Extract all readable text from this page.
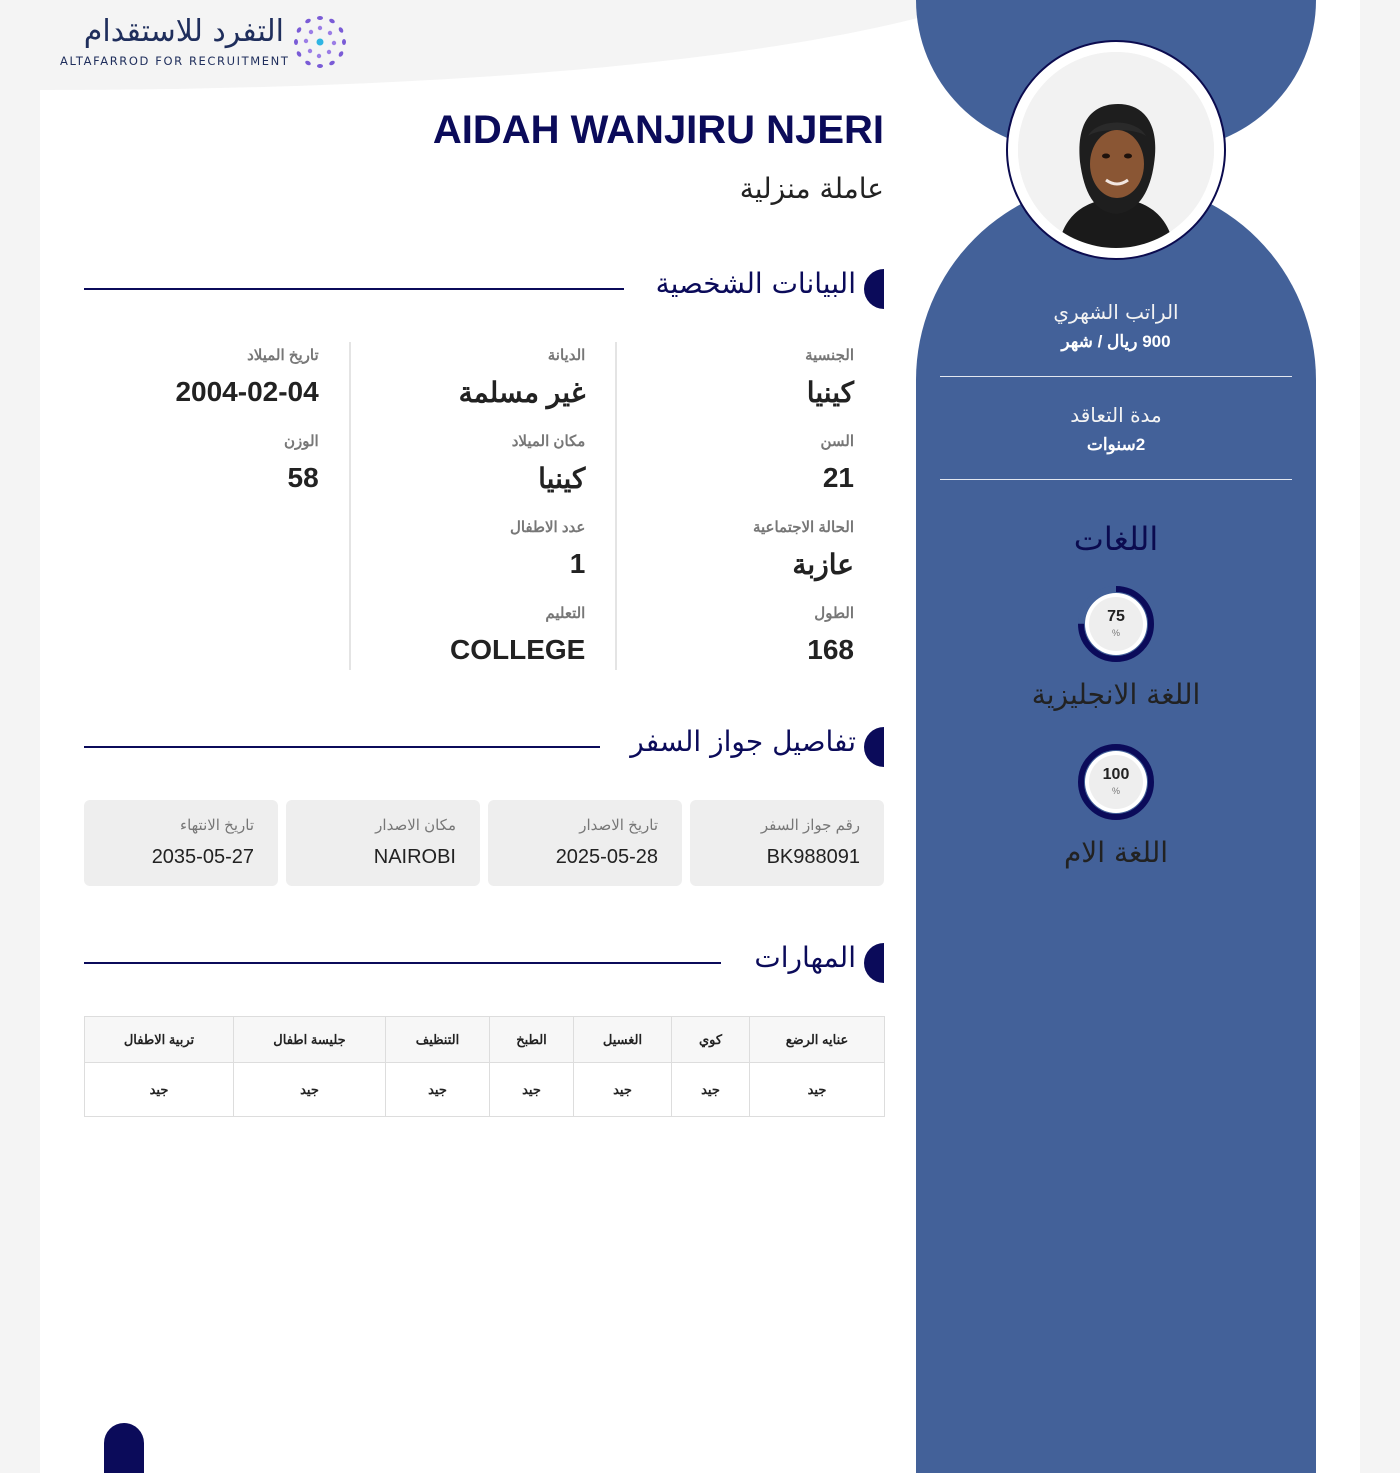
التفرد للاستقدام
ALTAFARROD FOR RECRUITMENT
الراتب الشهري
900 ريال / شهر
مدة التعاقد
2سنوات
اللغات
75
%
اللغة الانجليزية
100
%
اللغة الام
AIDAH WANJIRU NJERI
عاملة منزلية
البيانات الشخصية
الجنسية
كينيا
السن
21
الحالة الاجتماعية
عازبة
الطول
168
الديانة
غير مسلمة
مكان الميلاد
كينيا
عدد الاطفال
1
التعليم
COLLEGE
تاريخ الميلاد
2004-02-04
الوزن
58
تفاصيل جواز السفر
رقم جواز السفر
BK988091
تاريخ الاصدار
2025-05-28
مكان الاصدار
NAIROBI
تاريخ الانتهاء
2035-05-27
المهارات
عنايه الرضع	كوي	الغسيل	الطبخ	التنظيف	جليسة اطفال	تربية الاطفال
جيد	جيد	جيد	جيد	جيد	جيد	جيد
